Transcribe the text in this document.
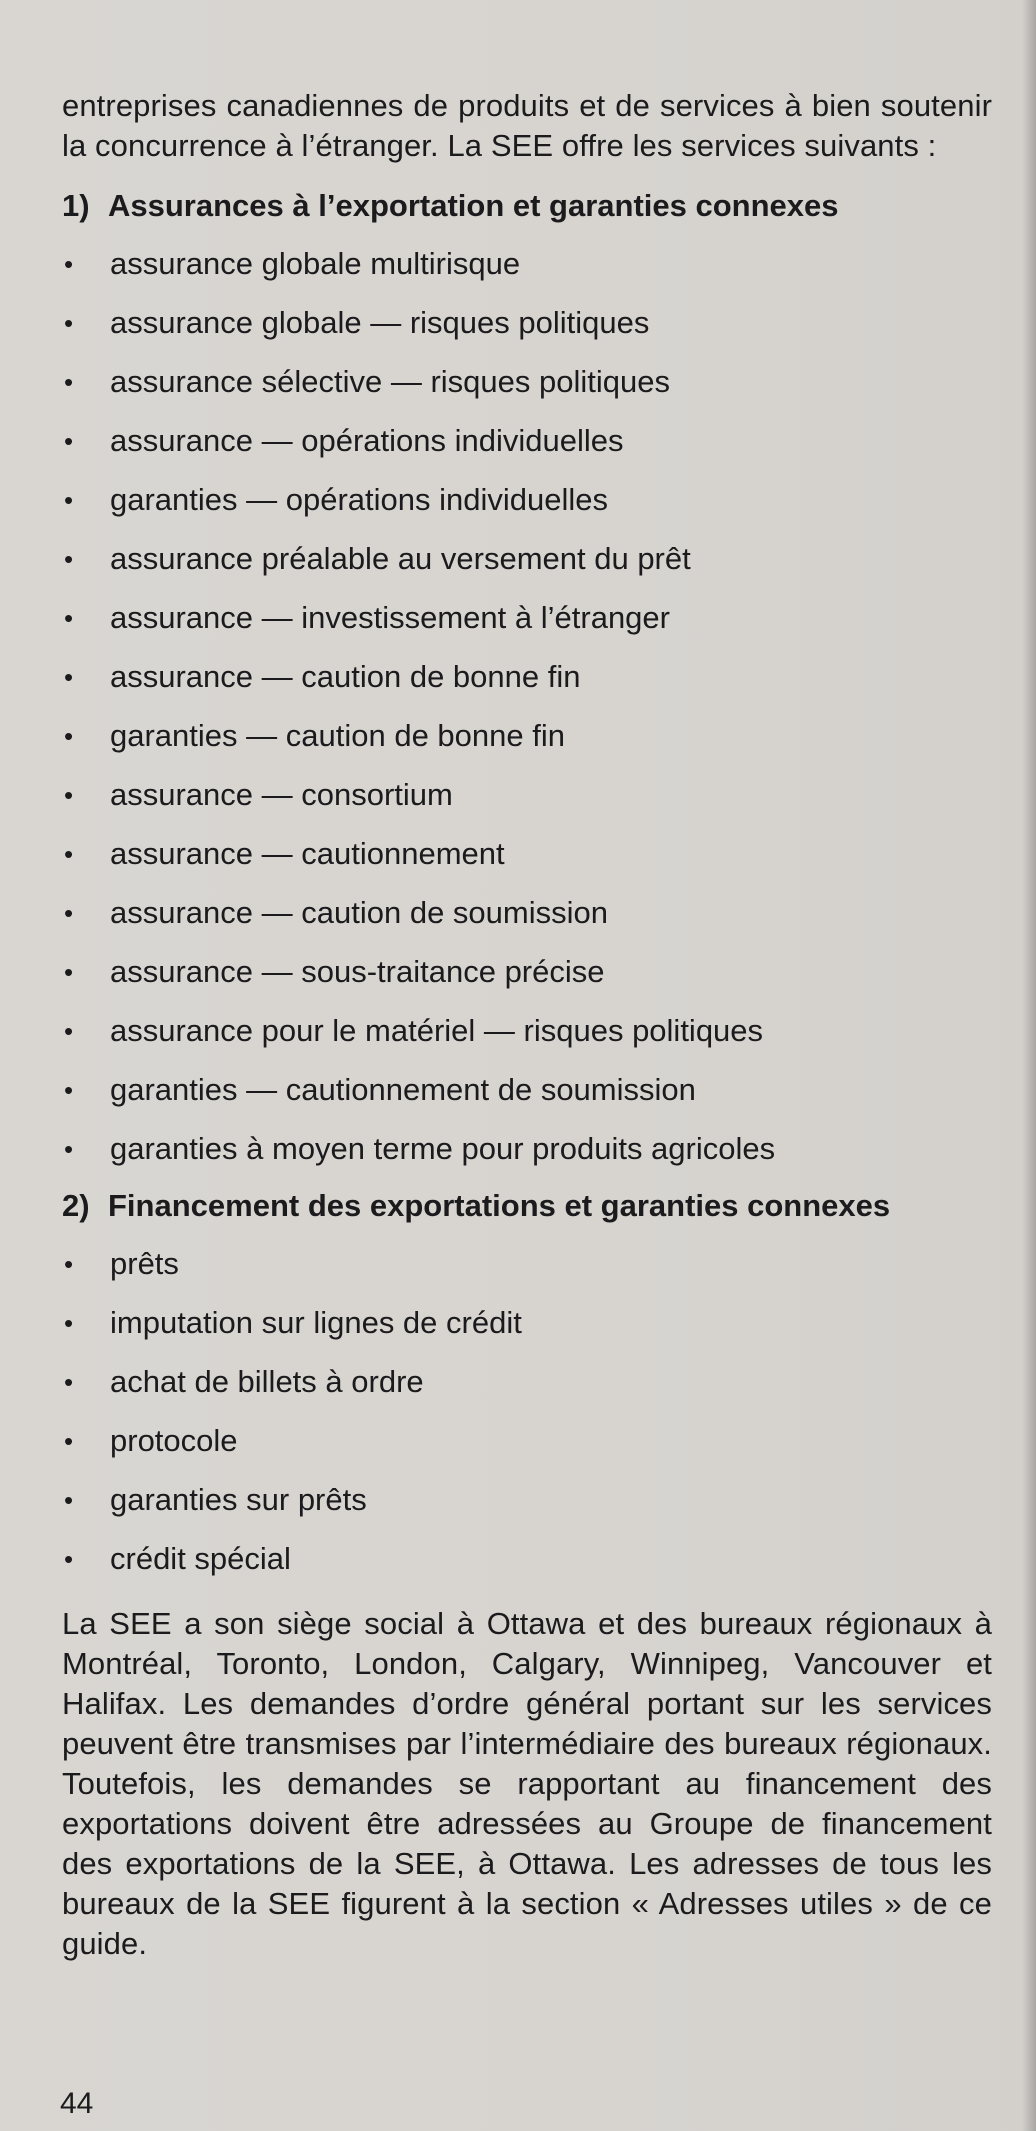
entreprises canadiennes de produits et de services à bien soutenir la concurrence à l’étranger. La SEE offre les services suivants :

1) Assurances à l’exportation et garanties connexes
•	assurance globale multirisque
•	assurance globale — risques politiques
•	assurance sélective — risques politiques
•	assurance — opérations individuelles
•	garanties — opérations individuelles
•	assurance préalable au versement du prêt
•	assurance — investissement à l’étranger
•	assurance — caution de bonne fin
•	garanties — caution de bonne fin
•	assurance — consortium
•	assurance — cautionnement
•	assurance — caution de soumission
•	assurance — sous-traitance précise
•	assurance pour le matériel — risques politiques
•	garanties — cautionnement de soumission
•	garanties à moyen terme pour produits agricoles
2) Financement des exportations et garanties connexes
•	prêts
•	imputation sur lignes de crédit
•	achat de billets à ordre
•	protocole
•	garanties sur prêts
•	crédit spécial

La SEE a son siège social à Ottawa et des bureaux régionaux à Montréal, Toronto, London, Calgary, Winnipeg, Vancouver et Halifax. Les demandes d’ordre général portant sur les services peuvent être transmises par l’intermédiaire des bureaux régionaux. Toutefois, les demandes se rapportant au financement des exportations doivent être adressées au Groupe de financement des exportations de la SEE, à Ottawa. Les adresses de tous les bureaux de la SEE figurent à la section « Adresses utiles » de ce guide.

44
